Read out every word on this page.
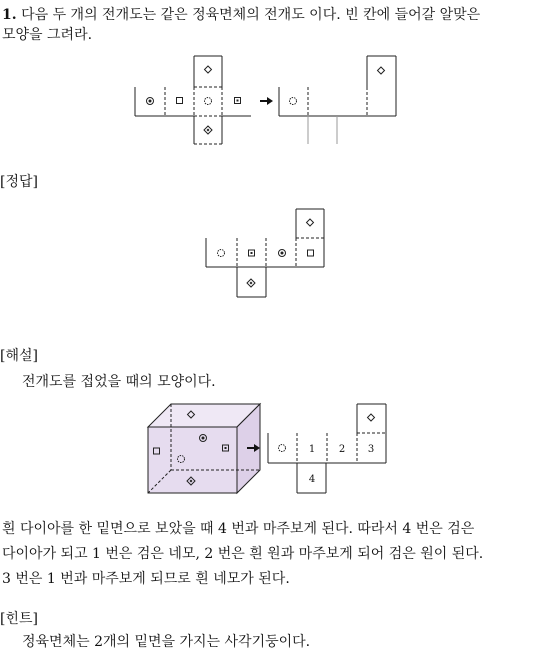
1. 다음 두 개의 전개도는 같은 정육면체의 전개도 이다. 빈 칸에 들어갈 알맞은
모양을 그려라.
[정답]
[해설]
전개도를 접었을 때의 모양이다.
1 2 3
4
흰 다이아를 한 밑면으로 보았을 때 4 번과 마주보게 된다. 따라서 4 번은 검은
다이아가 되고 1 번은 검은 네모, 2 번은 흰 원과 마주보게 되어 검은 원이 된다.
3 번은 1 번과 마주보게 되므로 흰 네모가 된다.
[힌트]
정육면체는 2개의 밑면을 가지는 사각기둥이다.
